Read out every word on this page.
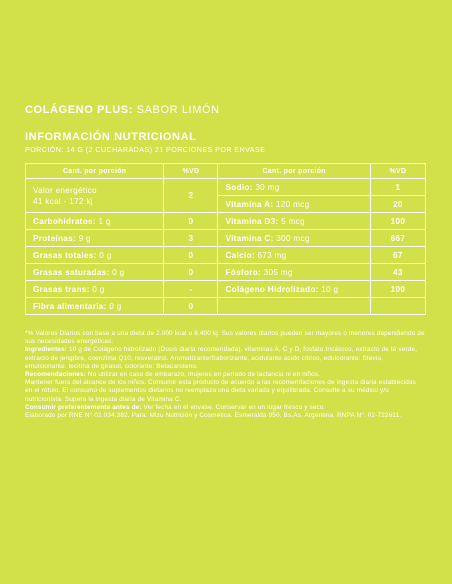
COLÁGENO PLUS: SABOR LIMÓN
INFORMACIÓN NUTRICIONAL
PORCIÓN: 14 G (2 CUCHARADAS) 21 PORCIONES POR ENVASE
Cant. por porción	%VD	Cant. por porción	%VD
Valor energético
41 kcal - 172 kj	2	Sodio: 30 mg	1
		Vitamina A: 120 mcg	20
Carbohidratos: 1 g	0	Vitamina D3: 5 mcg	100
Proteínas: 9 g	3	Vitamina C: 300 mcg	667
Grasas totales: 0 g	0	Calcio: 673 mg	67
Grasas saturadas: 0 g	0	Fósforo: 305 mg	43
Grasas trans: 0 g	-	Colágeno Hidrolizado: 10 g	100
Fibra alimentaria: 0 g	0		

*% Valores Diarios con base a una dieta de 2.000 kcal o 8.400 kj. Sus valores diarios pueden ser mayores o menores dependiendo de sus necesidades energéticas.

Ingredientes: 10 g de Colágeno hidrolizado (Dosis diaria recomendada), vitaminas A, C y D, fosfato tricálcico, extracto de té verde, extracto de jengibre, coenzima Q10, resveratrol. Aromatizante/Saborizante, acidulante ácido cítrico, edulcorante: Stevia, emulsionante: lecitina de girasol, colorante: Betacaroteno.

Recomendaciones: No utilizar en caso de embarazo, mujeres en período de lactancia ni en niños.

Mantener fuera del alcance de los niños. Consumir esta producto de acuerdo a las recomendaciones de ingesta diaria establecidas en el rótulo. El consumo de suplementos dietarios no reemplaza una dieta variada y equilibrada. Consulte a su médico y/o nutricionista. Supera la ingesta diaria de Vitamina C.

Consumir preferentemente antes de: Ver fecha en el envase. Conservar en un lugar fresco y seco.

Elaborado por RNE N° 02.034.382. Para: Mizu Nutrición y Cosmética. Esmeralda 950, Bs.As. Argentina. RNPA N°: 02-722611.
